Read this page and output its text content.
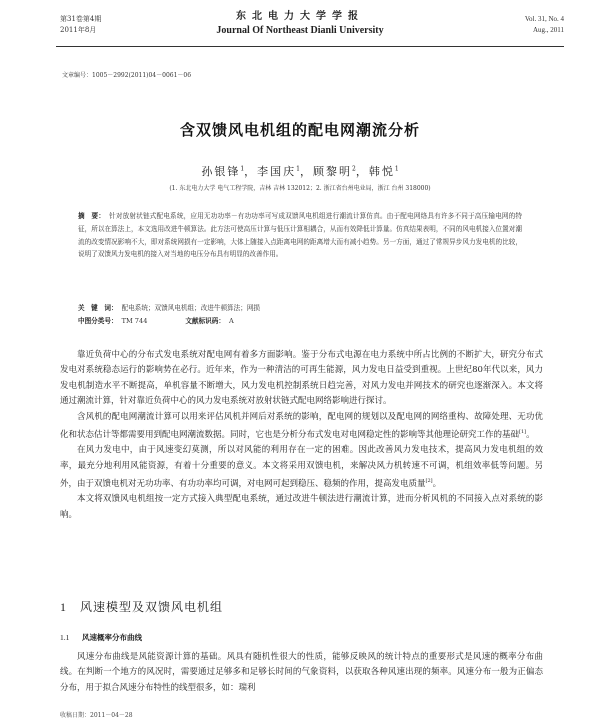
第31卷第4期
2011年8月
东北电力大学学报
Journal Of Northeast Dianli University
Vol. 31, No. 4
Aug., 2011
文章编号：1005－2992(2011)04－0061－06
含双馈风电机组的配电网潮流分析
孙银锋$^1$，李国庆$^1$，顾黎明$^2$，韩悦$^1$
(1. 东北电力大学 电气工程学院，吉林 吉林 132012；2. 浙江省台州电业局，浙江 台州 318000)
摘　要： 针对放射状链式配电系统，应用无功功率－有功功率可写成双馈风电机组进行潮流计算仿真。由于配电网络具有许多不同于高压输电网的特征，所以在算法上，本文选用改进牛顿算法。此方法可使高压计算与低压计算相耦合，从而有效降低计算量。仿真结果表明，不同的风电机接入位置对潮流的改变情况影响不大，即对系统网损有一定影响，大体上随接入点距离电网的距离增大而有减小趋势。另一方面，通过了常规异步风力发电机的比较，说明了双馈风力发电机的接入对当地的电压分布具有明显的改善作用。
关　键　词： 配电系统；双馈风电机组；改进牛顿算法；网损
中图分类号： TM 744	文献标识码： A

靠近负荷中心的分布式发电系统对配电网有着多方面影响。鉴于分布式电源在电力系统中所占比例的不断扩大，研究分布式发电对系统稳态运行的影响势在必行。近年来，作为一种清洁的可再生能源，风力发电日益受到重视。上世纪80年代以来，风力发电机制造水平不断提高，单机容量不断增大，风力发电机控制系统日趋完善，对风力发电并网技术的研究也逐渐深入。本文将通过潮流计算，针对靠近负荷中心的风力发电系统对放射状链式配电网络影响进行探讨。

含风机的配电网潮流计算可以用来评估风机并网后对系统的影响，配电网的规划以及配电网的网络重构、故障处理、无功优化和状态估计等都需要用到配电网潮流数据。同时，它也是分析分布式发电对电网稳定性的影响等其他理论研究工作的基础[1]。

在风力发电中，由于风速变幻莫测，所以对风能的利用存在一定的困难。因此改善风力发电技术，提高风力发电机组的效率，最充分地利用风能资源，有着十分重要的意义。本文将采用双馈电机，来解决风力机转速不可调，机组效率低等问题。另外，由于双馈电机对无功功率、有功功率均可调，对电网可起到稳压、稳频的作用，提高发电质量[2]。

本文将双馈风电机组按一定方式接入典型配电系统，通过改进牛顿法进行潮流计算，进而分析风机的不同接入点对系统的影响。

1 风速模型及双馈风电机组
1.1 风速概率分布曲线

风速分布曲线是风能资源计算的基础。风具有随机性很大的性质，能够反映风的统计特点的重要形式是风速的概率分布曲线。在判断一个地方的风况时，需要通过足够多和足够长时间的气象资料，以获取各种风速出现的频率。风速分布一般为正偏态分布，用于拟合风速分布特性的线型很多，如：瑞利

收稿日期：2011－04－28
